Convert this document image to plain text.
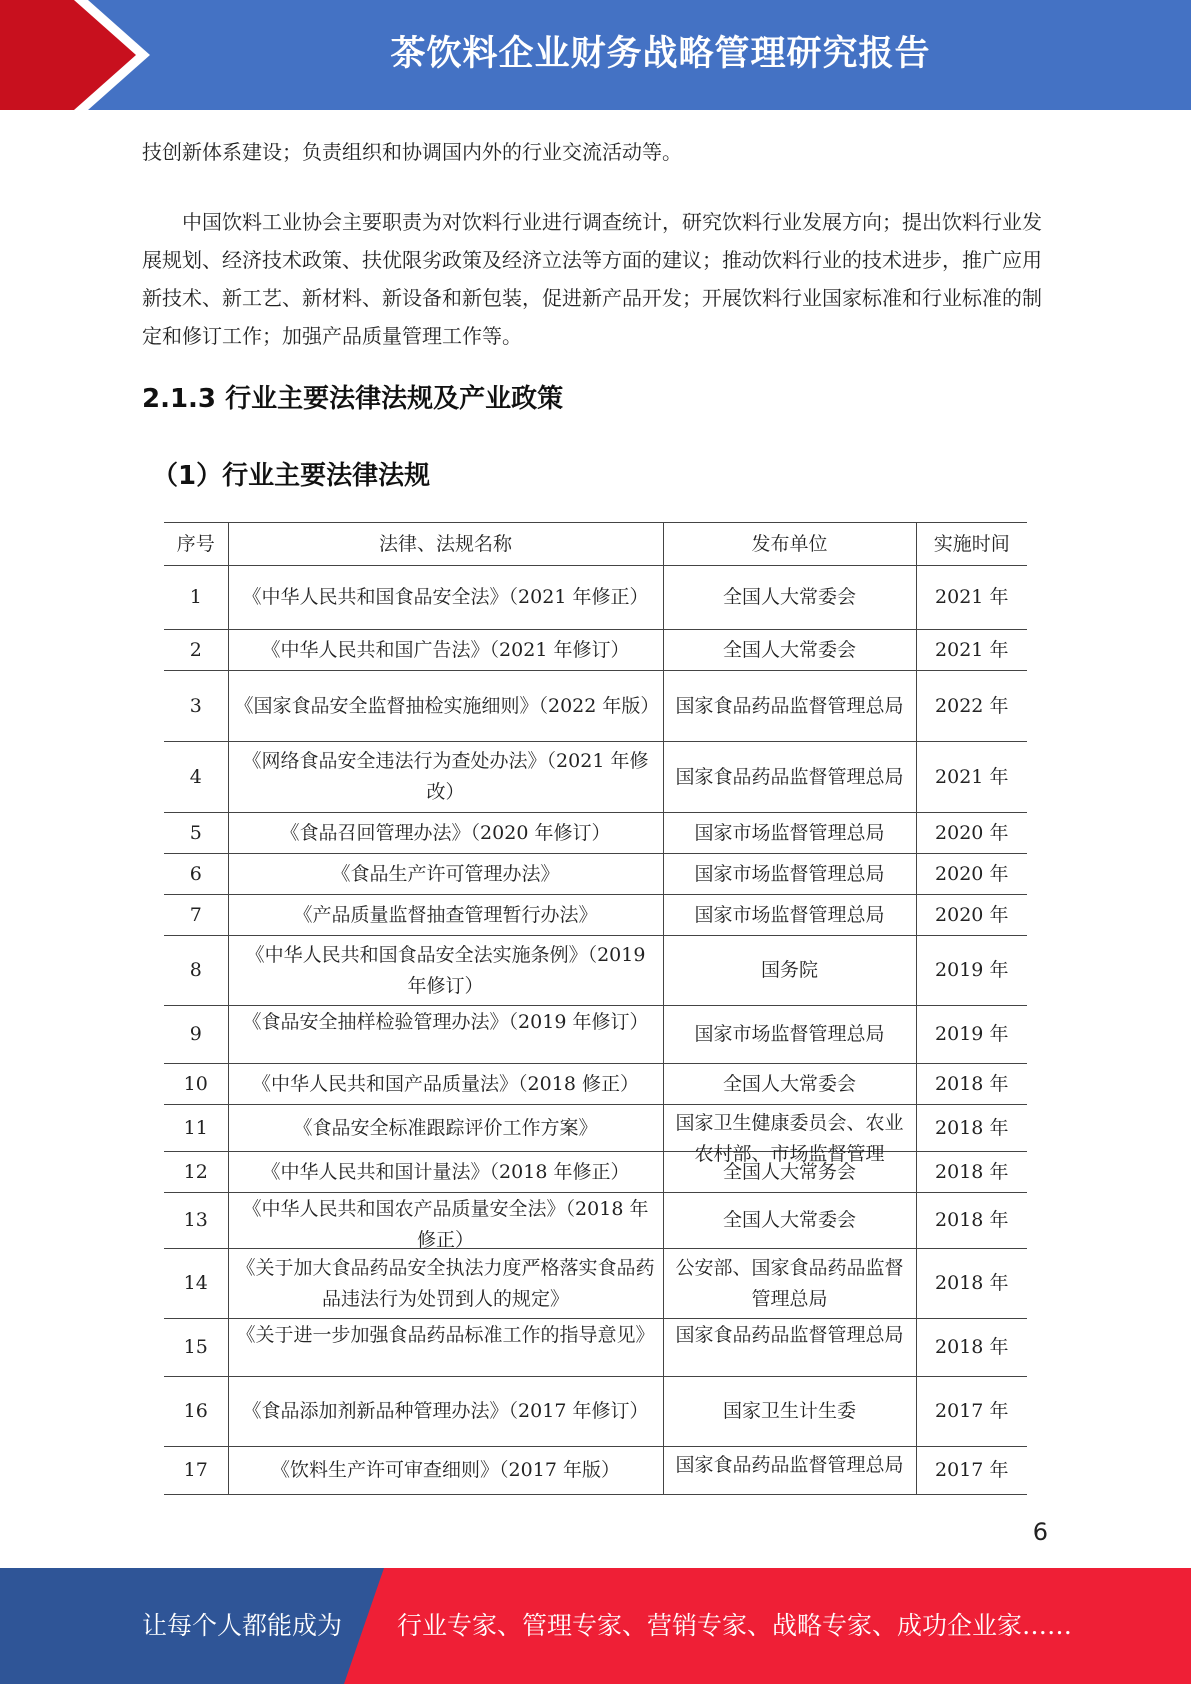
茶饮料企业财务战略管理研究报告

技创新体系建设；负责组织和协调国内外的行业交流活动等。

中国饮料工业协会主要职责为对饮料行业进行调查统计，研究饮料行业发展方向；提出饮料行业发展规划、经济技术政策、扶优限劣政策及经济立法等方面的建议；推动饮料行业的技术进步，推广应用新技术、新工艺、新材料、新设备和新包装，促进新产品开发；开展饮料行业国家标准和行业标准的制定和修订工作；加强产品质量管理工作等。

2.1.3 行业主要法律法规及产业政策
（1）行业主要法律法规
序号	法律、法规名称	发布单位	实施时间
1	《中华人民共和国食品安全法》（2021 年修正）	全国人大常委会	2021 年
2	《中华人民共和国广告法》（2021 年修订）	全国人大常委会	2021 年
3	《国家食品安全监督抽检实施细则》（2022 年版）	国家食品药品监督管理总局	2022 年
4	《网络食品安全违法行为查处办法》（2021 年修改）	国家食品药品监督管理总局	2021 年
5	《食品召回管理办法》（2020 年修订）	国家市场监督管理总局	2020 年
6	《食品生产许可管理办法》	国家市场监督管理总局	2020 年
7	《产品质量监督抽查管理暂行办法》	国家市场监督管理总局	2020 年
8	《中华人民共和国食品安全法实施条例》（2019 年修订）	国务院	2019 年
9	《食品安全抽样检验管理办法》（2019 年修订）	国家市场监督管理总局	2019 年
10	《中华人民共和国产品质量法》（2018 修正）	全国人大常委会	2018 年
11	《食品安全标准跟踪评价工作方案》	国家卫生健康委员会、农业农村部、市场监督管理	2018 年
12	《中华人民共和国计量法》（2018 年修正）	全国人大常务会	2018 年
13	《中华人民共和国农产品质量安全法》（2018 年修正）	全国人大常委会	2018 年
14	《关于加大食品药品安全执法力度严格落实食品药品违法行为处罚到人的规定》	公安部、国家食品药品监督管理总局	2018 年
15	《关于进一步加强食品药品标准工作的指导意见》	国家食品药品监督管理总局	2018 年
16	《食品添加剂新品种管理办法》（2017 年修订）	国家卫生计生委	2017 年
17	《饮料生产许可审查细则》（2017 年版）	国家食品药品监督管理总局	2017 年
6
让每个人都能成为 行业专家、管理专家、营销专家、战略专家、成功企业家……
